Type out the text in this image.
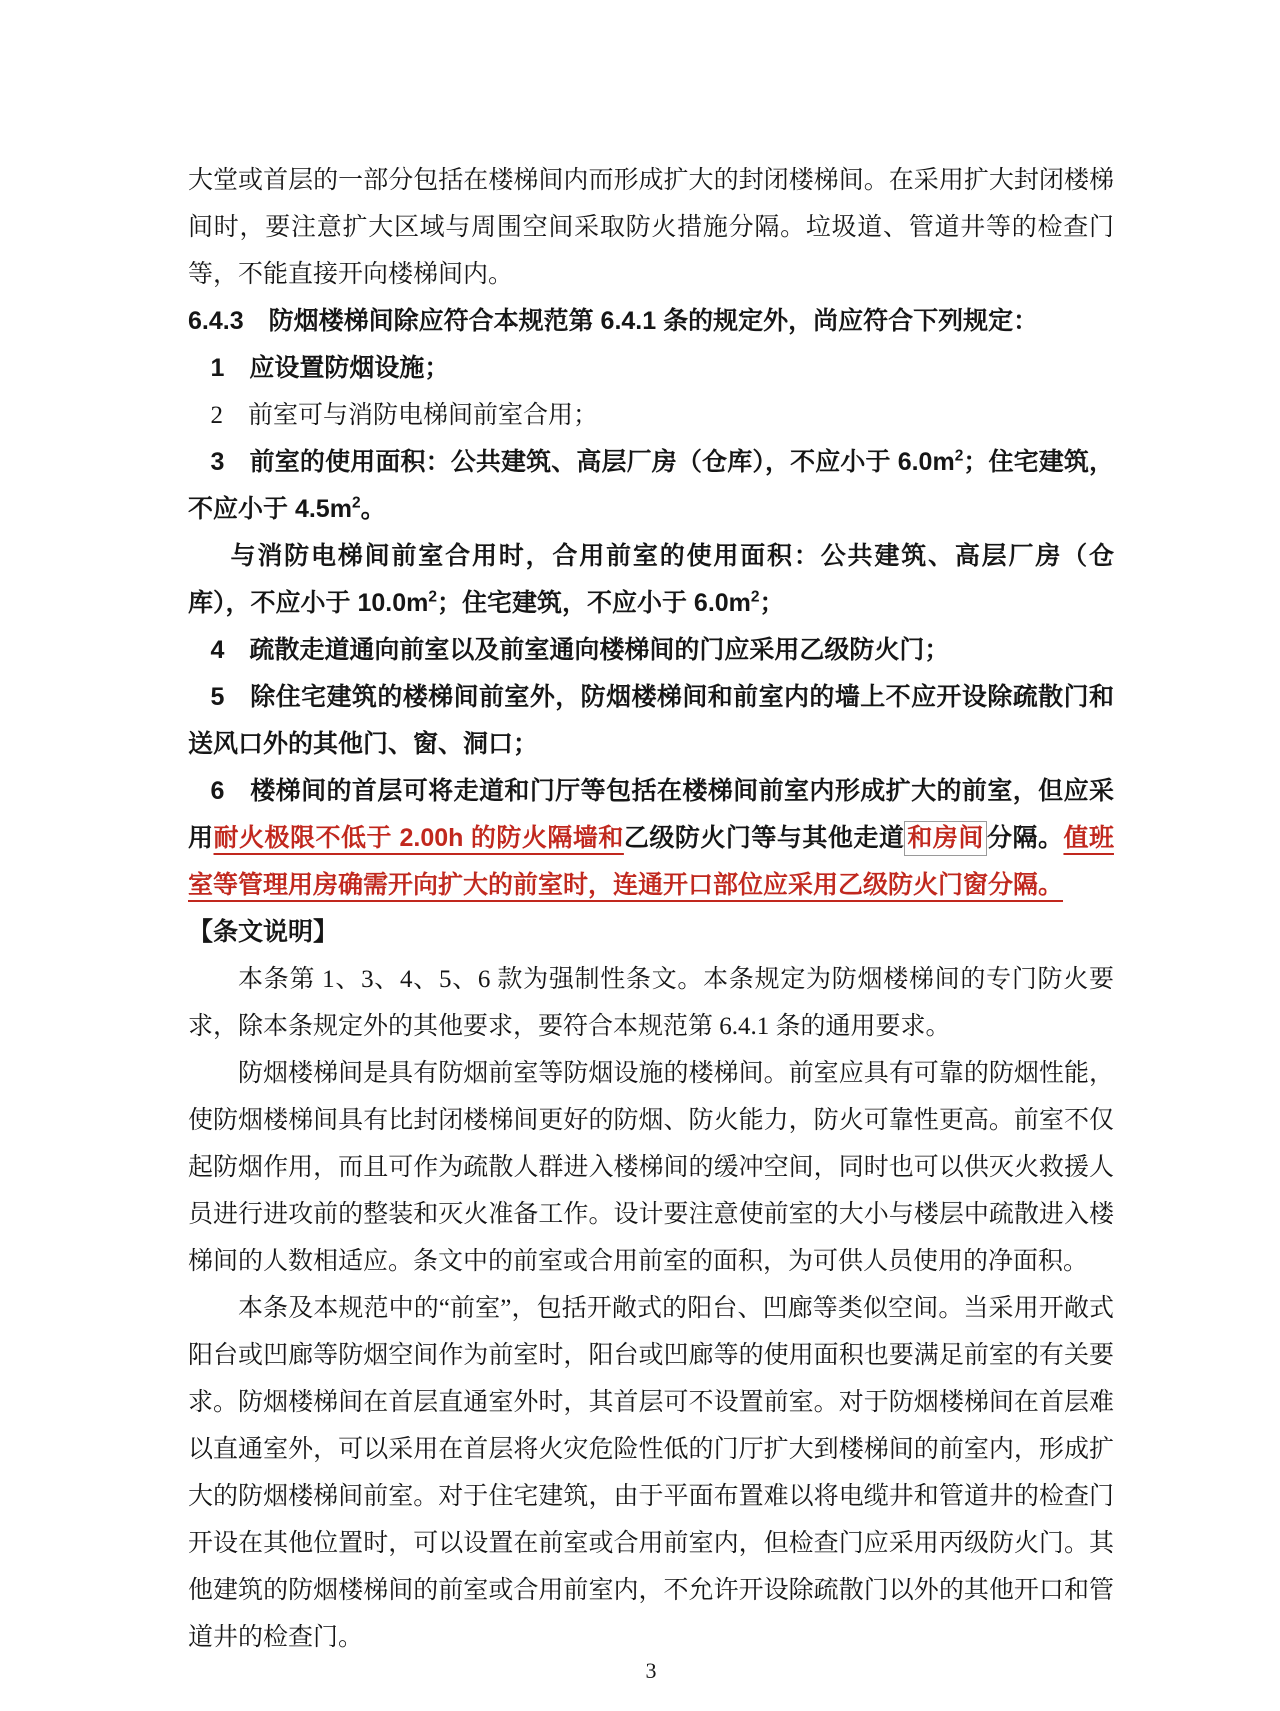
大堂或首层的一部分包括在楼梯间内而形成扩大的封闭楼梯间。在采用扩大封闭楼梯间时，要注意扩大区域与周围空间采取防火措施分隔。垃圾道、管道井等的检查门等，不能直接开向楼梯间内。

6.4.3　防烟楼梯间除应符合本规范第 6.4.1 条的规定外，尚应符合下列规定：

1　应设置防烟设施；

2　前室可与消防电梯间前室合用；

3　前室的使用面积：公共建筑、高层厂房（仓库），不应小于 $6.0m^2$；住宅建筑，不应小于 $4.5m^2$。

与消防电梯间前室合用时，合用前室的使用面积：公共建筑、高层厂房（仓库），不应小于 $10.0m^2$；住宅建筑，不应小于 $6.0m^2$；

4　疏散走道通向前室以及前室通向楼梯间的门应采用乙级防火门；

5　除住宅建筑的楼梯间前室外，防烟楼梯间和前室内的墙上不应开设除疏散门和送风口外的其他门、窗、洞口；

6　楼梯间的首层可将走道和门厅等包括在楼梯间前室内形成扩大的前室，但应采用耐火极限不低于 2.00h 的防火隔墙和乙级防火门等与其他走道 和房间 分隔。值班室等管理用房确需开向扩大的前室时，连通开口部位应采用乙级防火门窗分隔。

【条文说明】

本条第 1、3、4、5、6 款为强制性条文。本条规定为防烟楼梯间的专门防火要求，除本条规定外的其他要求，要符合本规范第 6.4.1 条的通用要求。

防烟楼梯间是具有防烟前室等防烟设施的楼梯间。前室应具有可靠的防烟性能，使防烟楼梯间具有比封闭楼梯间更好的防烟、防火能力，防火可靠性更高。前室不仅起防烟作用，而且可作为疏散人群进入楼梯间的缓冲空间，同时也可以供灭火救援人员进行进攻前的整装和灭火准备工作。设计要注意使前室的大小与楼层中疏散进入楼梯间的人数相适应。条文中的前室或合用前室的面积，为可供人员使用的净面积。

本条及本规范中的“前室”，包括开敞式的阳台、凹廊等类似空间。当采用开敞式阳台或凹廊等防烟空间作为前室时，阳台或凹廊等的使用面积也要满足前室的有关要求。防烟楼梯间在首层直通室外时，其首层可不设置前室。对于防烟楼梯间在首层难以直通室外，可以采用在首层将火灾危险性低的门厅扩大到楼梯间的前室内，形成扩大的防烟楼梯间前室。对于住宅建筑，由于平面布置难以将电缆井和管道井的检查门开设在其他位置时，可以设置在前室或合用前室内，但检查门应采用丙级防火门。其他建筑的防烟楼梯间的前室或合用前室内，不允许开设除疏散门以外的其他开口和管道井的检查门。

3
